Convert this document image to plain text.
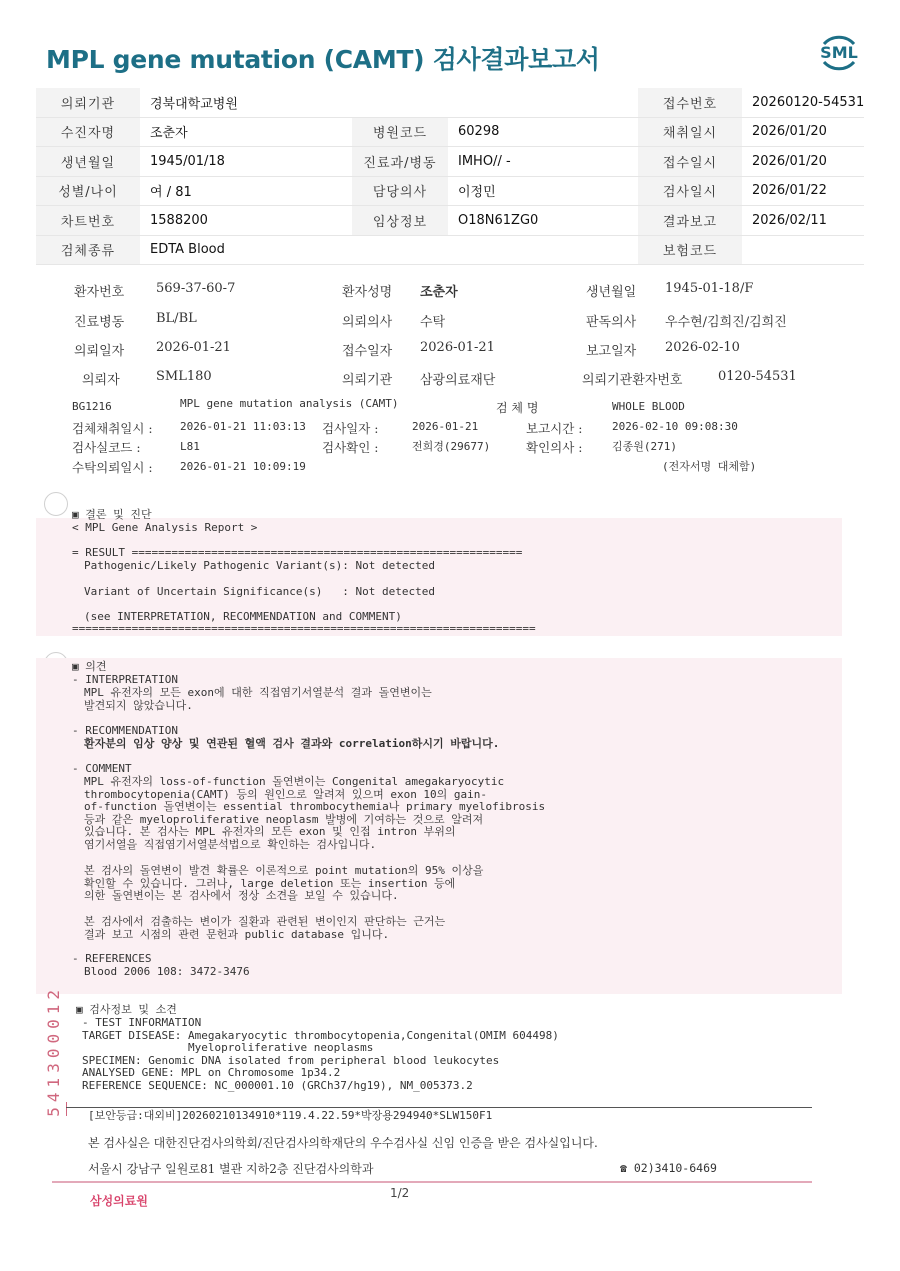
MPL gene mutation (CAMT) 검사결과보고서	SML
의뢰기관	경북대학교병원			접수번호	20260120-54531
수진자명	조춘자	병원코드	60298	채취일시	2026/01/20
생년월일	1945/01/18	진료과/병동	IMHO// -	접수일시	2026/01/20
성별/나이	여 / 81	담당의사	이정민	검사일시	2026/01/22
차트번호	1588200	임상정보	O18N61ZG0	결과보고	2026/02/11
검체종류	EDTA Blood			보험코드	
환자번호 569-37-60-7	환자성명 조춘자	생년월일 1945-01-18/F
진료병동 BL/BL	의뢰의사 수탁	판독의사 우수현/김희진/김희진
의뢰일자 2026-01-21	접수일자 2026-01-21	보고일자 2026-02-10
의뢰자	SML180	의뢰기관 삼광의료재단	의뢰기관환자번호	0120-54531
BG1216	MPL gene mutation analysis (CAMT)	검 체 명	WHOLE BLOOD
검체채취일시 : 2026-01-21 11:03:13 검사일자 :	2026-01-21	보고시간 :	2026-02-10 09:08:30
검사실코드 :	L81	검사확인 :	전희경(29677)	확인의사 :	김종원(271)
수탁의뢰일시 : 2026-01-21 10:09:19	(전자서명 대체함)
▣ 결론 및 진단
< MPL Gene Analysis Report >
= RESULT ===========================================================
Pathogenic/Likely Pathogenic Variant(s): Not detected
Variant of Uncertain Significance(s)   : Not detected
(see INTERPRETATION, RECOMMENDATION and COMMENT)
======================================================================
▣ 의견
- INTERPRETATION
MPL 유전자의 모든 exon에 대한 직접염기서열분석 결과 돌연변이는
발견되지 않았습니다.
- RECOMMENDATION
환자분의 임상 양상 및 연관된 혈액 검사 결과와 correlation하시기 바랍니다.
- COMMENT
MPL 유전자의 loss-of-function 돌연변이는 Congenital amegakaryocytic
thrombocytopenia(CAMT) 등의 원인으로 알려져 있으며 exon 10의 gain-
of-function 돌연변이는 essential thrombocythemia나 primary myelofibrosis
등과 같은 myeloproliferative neoplasm 발병에 기여하는 것으로 알려져
있습니다. 본 검사는 MPL 유전자의 모든 exon 및 인접 intron 부위의
염기서열을 직접염기서열분석법으로 확인하는 검사입니다.
본 검사의 돌연변이 발견 확률은 이론적으로 point mutation의 95% 이상을
확인할 수 있습니다. 그러나, large deletion 또는 insertion 등에
의한 돌연변이는 본 검사에서 정상 소견을 보일 수 있습니다.
본 검사에서 검출하는 변이가 질환과 관련된 변이인지 판단하는 근거는
결과 보고 시점의 관련 문헌과 public database 입니다.
- REFERENCES
Blood 2006 108: 3472-3476
▣ 검사정보 및 소견
- TEST INFORMATION
TARGET DISEASE: Amegakaryocytic thrombocytopenia,Congenital(OMIM 604498)
Myeloproliferative neoplasms
SPECIMEN: Genomic DNA isolated from peripheral blood leukocytes
ANALYSED GENE: MPL on Chromosome 1p34.2
REFERENCE SEQUENCE: NC_000001.10 (GRCh37/hg19), NM_005373.2
541300012 [보안등급:대외비]20260210134910*119.4.22.59*박장용294940*SLW150F1
본 검사실은 대한진단검사의학회/진단검사의학재단의 우수검사실 신임 인증을 받은 검사실입니다.
서울시 강남구 일원로81 별관 지하2층 진단검사의학과	☎ 02)3410-6469
삼성의료원
1/2
